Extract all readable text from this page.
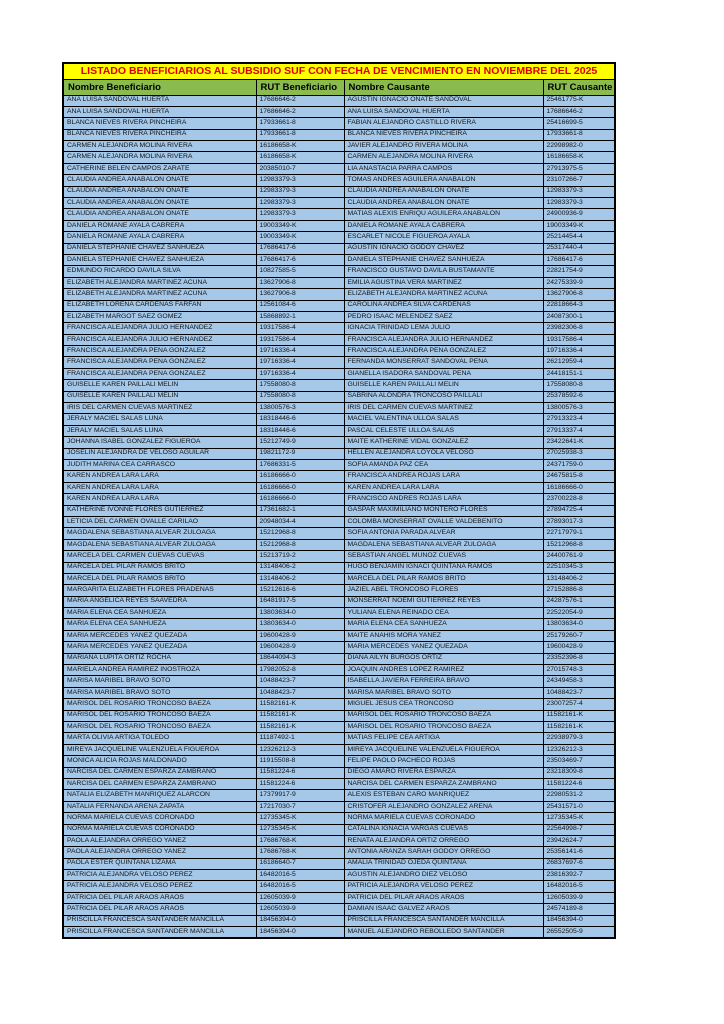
LISTADO BENEFICIARIOS AL SUBSIDIO SUF CON FECHA DE VENCIMIENTO EN NOVIEMBRE DEL 2025			
Nombre Beneficiario	RUT Beneficiario	Nombre Causante	RUT Causante
ANA LUISA SANDOVAL HUERTA	17686646-2	AGUSTIN IGNACIO ONATE SANDOVAL	25461775-K
ANA LUISA SANDOVAL HUERTA	17686646-2	ANA LUISA SANDOVAL HUERTA	17686646-2
BLANCA NIEVES RIVERA PINCHEIRA	17933661-8	FABIAN ALEJANDRO CASTILLO RIVERA	25416699-5
BLANCA NIEVES RIVERA PINCHEIRA	17933661-8	BLANCA NIEVES RIVERA PINCHEIRA	17933661-8
CARMEN ALEJANDRA MOLINA RIVERA	16186658-K	JAVIER ALEJANDRO RIVERA MOLINA	22998982-0
CARMEN ALEJANDRA MOLINA RIVERA	16186658-K	CARMEN ALEJANDRA MOLINA RIVERA	16186658-K
CATHERINE BELEN CAMPOS ZARATE	20385010-7	LIA ANASTACIA PARRA CAMPOS	27913975-5
CLAUDIA ANDREA ANABALON ONATE	12983379-3	TOMAS ANDRES AGUILERA ANABALON	23107266-7
CLAUDIA ANDREA ANABALON ONATE	12983379-3	CLAUDIA ANDREA ANABALON ONATE	12983379-3
CLAUDIA ANDREA ANABALON ONATE	12983379-3	CLAUDIA ANDREA ANABALON ONATE	12983379-3
CLAUDIA ANDREA ANABALON ONATE	12983379-3	MATIAS ALEXIS ENRIQU AGUILERA ANABALON	24900936-9
DANIELA ROMANE AYALA CABRERA	19003349-K	DANIELA ROMANE AYALA CABRERA	19003349-K
DANIELA ROMANE AYALA CABRERA	19003349-K	ESCARLET NICOLE FIGUEROA AYALA	25214454-4
DANIELA STEPHANIE CHAVEZ SANHUEZA	17686417-6	AGUSTIN IGNACIO GODOY CHAVEZ	25317440-4
DANIELA STEPHANIE CHAVEZ SANHUEZA	17686417-6	DANIELA STEPHANIE CHAVEZ SANHUEZA	17686417-6
EDMUNDO RICARDO DAVILA SILVA	10827585-5	FRANCISCO GUSTAVO DAVILA BUSTAMANTE	22821754-9
ELIZABETH ALEJANDRA MARTINEZ ACUNA	13627906-8	EMILIA AGUSTINA VERA MARTINEZ	24275339-9
ELIZABETH ALEJANDRA MARTINEZ ACUNA	13627906-8	ELIZABETH ALEJANDRA MARTINEZ ACUNA	13627906-8
ELIZABETH LORENA CARDENAS FARFAN	12561084-6	CAROLINA ANDREA SILVA CARDENAS	22818664-3
ELIZABETH MARGOT SAEZ GOMEZ	15868892-1	PEDRO ISAAC MELENDEZ SAEZ	24087300-1
FRANCISCA ALEJANDRA JULIO HERNANDEZ	19317586-4	IGNACIA TRINIDAD LEMA JULIO	23982306-8
FRANCISCA ALEJANDRA JULIO HERNANDEZ	19317586-4	FRANCISCA ALEJANDRA JULIO HERNANDEZ	19317586-4
FRANCISCA ALEJANDRA PENA GONZALEZ	19716336-4	FRANCISCA ALEJANDRA PENA GONZALEZ	19716336-4
FRANCISCA ALEJANDRA PENA GONZALEZ	19716336-4	FERNANDA MONSERRAT SANDOVAL PENA	26212959-4
FRANCISCA ALEJANDRA PENA GONZALEZ	19716336-4	GIANELLA ISADORA SANDOVAL PENA	24418151-1
GUISELLE KAREN PAILLALI MELIN	17558080-8	GUISELLE KAREN PAILLALI MELIN	17558080-8
GUISELLE KAREN PAILLALI MELIN	17558080-8	SABRINA ALONDRA TRONCOSO PAILLALI	25378592-6
IRIS DEL CARMEN CUEVAS MARTINEZ	13800576-3	IRIS DEL CARMEN CUEVAS MARTINEZ	13800576-3
JERALY MACIEL SALAS LUNA	18318446-6	MACIEL VALENTINA ULLOA SALAS	27913323-4
JERALY MACIEL SALAS LUNA	18318446-6	PASCAL CELESTE ULLOA SALAS	27913337-4
JOHANNA ISABEL GONZALEZ FIGUEROA	15212749-9	MAITE KATHERINE VIDAL GONZALEZ	23422641-K
JOSELIN ALEJANDRA DE VELOSO AGUILAR	19821172-9	HELLEN ALEJANDRA LOYOLA VELOSO	27025938-3
JUDITH MARINA CEA CARRASCO	17686331-5	SOFIA AMANDA PAZ CEA	24371759-0
KAREN ANDREA LARA LARA	16186666-0	FRANCISCA ANDREA ROJAS LARA	24675815-8
KAREN ANDREA LARA LARA	16186666-0	KAREN ANDREA LARA LARA	16186666-0
KAREN ANDREA LARA LARA	16186666-0	FRANCISCO ANDRES ROJAS LARA	23700228-8
KATHERINE IVONNE FLORES GUTIERREZ	17361682-1	GASPAR MAXIMILIANO MONTERO FLORES	27894725-4
LETICIA DEL CARMEN OVALLE CARILAO	20948034-4	COLOMBA MONSERRAT OVALLE VALDEBENITO	27893017-3
MAGDALENA SEBASTIANA ALVEAR ZULOAGA	15212968-8	SOFIA ANTONIA PARADA ALVEAR	22717979-1
MAGDALENA SEBASTIANA ALVEAR ZULOAGA	15212968-8	MAGDALENA SEBASTIANA ALVEAR ZULOAGA	15212968-8
MARCELA DEL CARMEN CUEVAS CUEVAS	15213719-2	SEBASTIAN ANGEL MUNOZ CUEVAS	24400761-9
MARCELA DEL PILAR RAMOS BRITO	13148406-2	HUGO BENJAMIN IGNACI QUINTANA RAMOS	22510345-3
MARCELA DEL PILAR RAMOS BRITO	13148406-2	MARCELA DEL PILAR RAMOS BRITO	13148406-2
MARGARITA ELIZABETH FLORES PRADENAS	15212616-6	JAZIEL ABEL TRONCOSO FLORES	27152886-8
MARIA ANGELICA REYES SAAVEDRA	16481917-5	MONSERRAT NOEMI GUTIERREZ REYES	24287576-1
MARIA ELENA CEA SANHUEZA	13803634-0	YULIANA ELENA REINADO CEA	22522054-9
MARIA ELENA CEA SANHUEZA	13803634-0	MARIA ELENA CEA SANHUEZA	13803634-0
MARIA MERCEDES YANEZ QUEZADA	19600428-9	MAITE ANAHIS MORA YANEZ	25179260-7
MARIA MERCEDES YANEZ QUEZADA	19600428-9	MARIA MERCEDES YANEZ QUEZADA	19600428-9
MARIANA LUPITA ORTIZ ROCHA	18644094-3	DIANA AILYN BURGOS ORTIZ	23352396-8
MARIELA ANDREA RAMIREZ INOSTROZA	17982052-8	JOAQUIN ANDRES LOPEZ RAMIREZ	27015748-3
MARISA MARIBEL BRAVO SOTO	10488423-7	ISABELLA JAVIERA FERREIRA BRAVO	24349458-3
MARISA MARIBEL BRAVO SOTO	10488423-7	MARISA MARIBEL BRAVO SOTO	10488423-7
MARISOL DEL ROSARIO TRONCOSO BAEZA	11582161-K	MIGUEL JESUS CEA TRONCOSO	23007257-4
MARISOL DEL ROSARIO TRONCOSO BAEZA	11582161-K	MARISOL DEL ROSARIO TRONCOSO BAEZA	11582161-K
MARISOL DEL ROSARIO TRONCOSO BAEZA	11582161-K	MARISOL DEL ROSARIO TRONCOSO BAEZA	11582161-K
MARTA OLIVIA ARTIGA TOLEDO	11187492-1	MATIAS FELIPE CEA ARTIGA	22938979-3
MIREYA JACQUELINE VALENZUELA FIGUEROA	12326212-3	MIREYA JACQUELINE VALENZUELA FIGUEROA	12326212-3
MONICA ALICIA ROJAS MALDONADO	11915508-8	FELIPE PAOLO PACHECO ROJAS	23503469-7
NARCISA DEL CARMEN ESPARZA ZAMBRANO	11581224-6	DIEGO AMARO RIVERA ESPARZA	23218309-8
NARCISA DEL CARMEN ESPARZA ZAMBRANO	11581224-6	NARCISA DEL CARMEN ESPARZA ZAMBRANO	11581224-6
NATALIA ELIZABETH MANRIQUEZ ALARCON	17379917-9	ALEXIS ESTEBAN CARO MANRIQUEZ	22980531-2
NATALIA FERNANDA ARENA ZAPATA	17217030-7	CRISTOFER ALEJANDRO GONZALEZ ARENA	25431571-0
NORMA MARIELA CUEVAS CORONADO	12735345-K	NORMA MARIELA CUEVAS CORONADO	12735345-K
NORMA MARIELA CUEVAS CORONADO	12735345-K	CATALINA IGNACIA VARGAS CUEVAS	22564998-7
PAOLA ALEJANDRA ORREGO YANEZ	17686768-K	RENATA ALEJANDRA ORTIZ ORREGO	23942624-7
PAOLA ALEJANDRA ORREGO YANEZ	17686768-K	ANTONIA ARANZA SARAH GODOY ORREGO	25356141-6
PAOLA ESTER QUINTANA LIZAMA	16186640-7	AMALIA TRINIDAD OJEDA QUINTANA	26837697-6
PATRICIA ALEJANDRA VELOSO PEREZ	16482016-5	AGUSTIN ALEJANDRO DIEZ VELOSO	23816392-7
PATRICIA ALEJANDRA VELOSO PEREZ	16482016-5	PATRICIA ALEJANDRA VELOSO PEREZ	16482016-5
PATRICIA DEL PILAR ARAOS ARAOS	12605039-9	PATRICIA DEL PILAR ARAOS ARAOS	12605039-9
PATRICIA DEL PILAR ARAOS ARAOS	12605039-9	DAMIAN ISAAC GALVEZ ARAOS	24574189-8
PRISCILLA FRANCESCA SANTANDER MANCILLA	18456394-0	PRISCILLA FRANCESCA SANTANDER MANCILLA	18456394-0
PRISCILLA FRANCESCA SANTANDER MANCILLA	18456394-0	MANUEL ALEJANDRO REBOLLEDO SANTANDER	26552505-9
